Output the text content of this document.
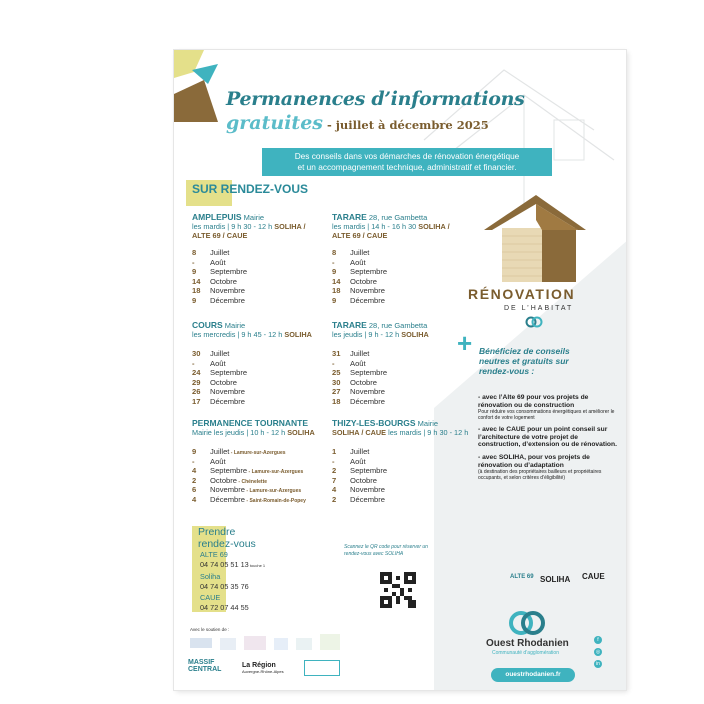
Permanences d’informations
gratuites - juillet à décembre 2025
Des conseils dans vos démarches de rénovation énergétique
et un accompagnement technique, administratif et financier.
SUR RENDEZ-VOUS
AMPLEPUIS Mairie
les mardis | 9 h 30 - 12 h SOLIHA /
ALTE 69 / CAUE
8 Juillet
- Août
9 Septembre
14 Octobre
18 Novembre
9 Décembre
TARARE 28, rue Gambetta
les mardis | 14 h - 16 h 30 SOLIHA /
ALTE 69 / CAUE
8 Juillet
- Août
9 Septembre
14 Octobre
18 Novembre
9 Décembre
COURS Mairie
les mercredis | 9 h 45 - 12 h SOLIHA
30 Juillet
- Août
24 Septembre
29 Octobre
26 Novembre
17 Décembre
TARARE 28, rue Gambetta
les jeudis | 9 h - 12 h SOLIHA
31 Juillet
- Août
25 Septembre
30 Octobre
27 Novembre
18 Décembre
PERMANENCE TOURNANTE
Mairie les jeudis | 10 h - 12 h SOLIHA
9 Juillet - Lamure-sur-Azergues
- Août
4 Septembre - Lamure-sur-Azergues
2 Octobre - Chénelette
6 Novembre - Lamure-sur-Azergues
4 Décembre - Saint-Romain-de-Popey
THIZY-LES-BOURGS Mairie
SOLIHA / CAUE les mardis | 9 h 30 - 12 h
1 Juillet
- Août
2 Septembre
7 Octobre
4 Novembre
2 Décembre
RÉNOVATION
DE L’HABITAT
+ Bénéficiez de conseils neutres et gratuits sur rendez-vous :
- avec l’Alte 69 pour vos projets de rénovation ou de construction
Pour réduire vos consommations énergétiques et améliorer le confort de votre logement
- avec le CAUE pour un point conseil sur l’architecture de votre projet de construction, d’extension ou de rénovation.
- avec SOLIHA, pour vos projets de rénovation ou d’adaptation
(à destination des propriétaires bailleurs et propriétaires occupants, et selon critères d’éligibilité)
Prendre
rendez-vous
ALTE 69
04 74 05 51 13 touche 1
Soliha
04 74 05 35 76
CAUE
04 72 07 44 55
Scannez le QR code pour réserver un rendez-vous avec SOLIHA
ALTE 69 SOLIHA CAUE
Avec le soutien de :
MASSIF
CENTRAL
La Région
Auvergne-Rhône-Alpes
Ouest Rhodanien
Communauté d’agglomération
ouestrhodanien.fr
f
◎
in
